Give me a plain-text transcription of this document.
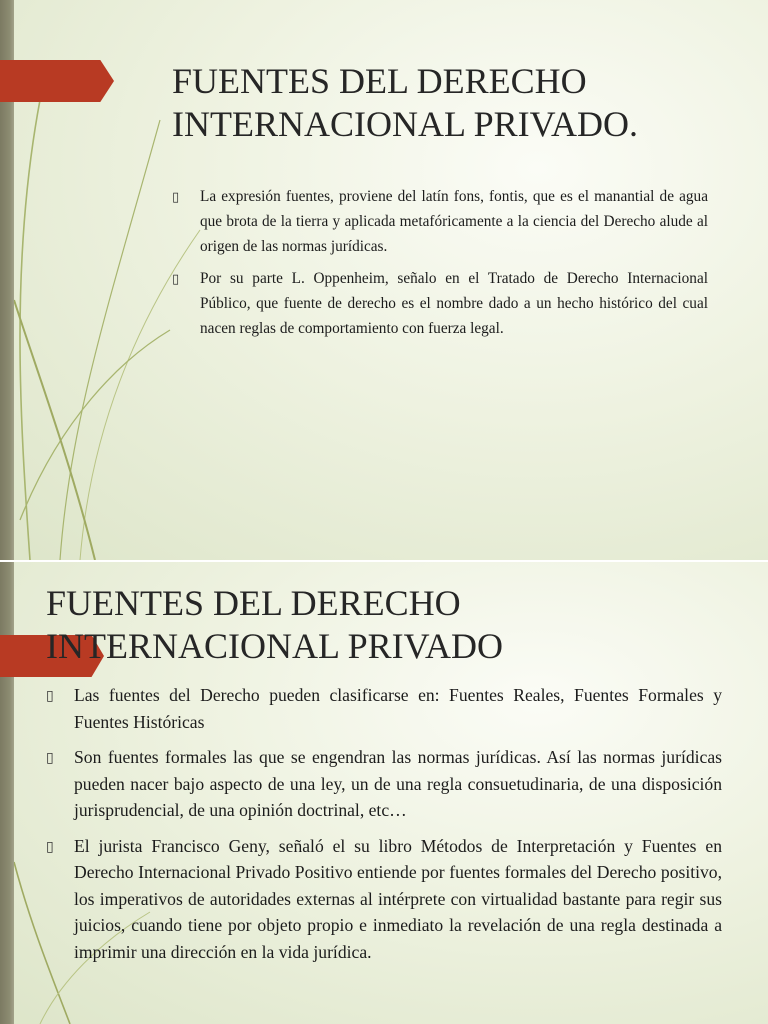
FUENTES DEL DERECHO
INTERNACIONAL PRIVADO.
▯ La expresión fuentes, proviene del latín fons, fontis, que es el manantial de agua que brota de la tierra y aplicada metafóricamente a la ciencia del Derecho alude al origen de las normas jurídicas.
▯ Por su parte L. Oppenheim, señalo en el Tratado de Derecho Internacional Público, que fuente de derecho es el nombre dado a un hecho histórico del cual nacen reglas de comportamiento con fuerza legal.
FUENTES DEL DERECHO
INTERNACIONAL PRIVADO
▯ Las fuentes del Derecho pueden clasificarse en: Fuentes Reales, Fuentes Formales y Fuentes Históricas
▯ Son fuentes formales las que se engendran las normas jurídicas. Así las normas jurídicas pueden nacer bajo aspecto de una ley, un de una regla consuetudinaria, de una disposición jurisprudencial, de una opinión doctrinal, etc…
▯ El jurista Francisco Geny, señaló el su libro Métodos de Interpretación y Fuentes en Derecho Internacional Privado Positivo entiende por fuentes formales del Derecho positivo, los imperativos de autoridades externas al intérprete con virtualidad bastante para regir sus juicios, cuando tiene por objeto propio e inmediato la revelación de una regla destinada a imprimir una dirección en la vida jurídica.
